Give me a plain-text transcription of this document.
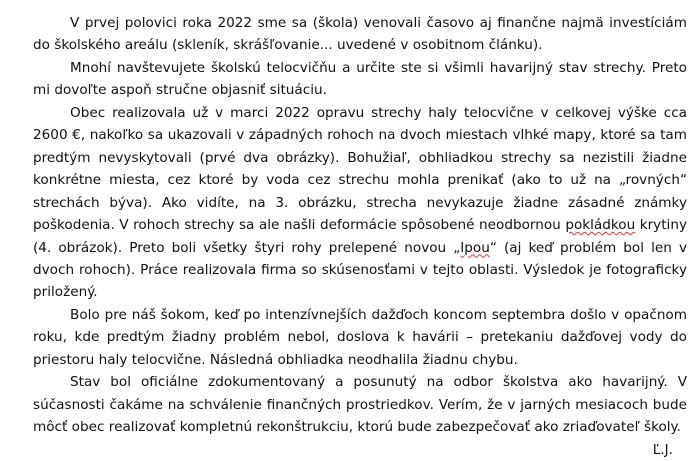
V prvej polovici roka 2022 sme sa (škola) venovali časovo aj finančne najmä investíciám do školského areálu (skleník, skrášľovanie... uvedené v osobitnom článku).

Mnohí navštevujete školskú telocvičňu a určite ste si všimli havarijný stav strechy. Preto mi dovoľte aspoň stručne objasniť situáciu.

Obec realizovala už v marci 2022 opravu strechy haly telocvične v celkovej výške cca 2600 €, nakoľko sa ukazovali v západných rohoch na dvoch miestach vlhké mapy, ktoré sa tam predtým nevyskytovali (prvé dva obrázky). Bohužiaľ, obhliadkou strechy sa nezistili žiadne konkrétne miesta, cez ktoré by voda cez strechu mohla prenikať (ako to už na „rovných“ strechách býva). Ako vidíte, na 3. obrázku, strecha nevykazuje žiadne zásadné známky poškodenia. V rohoch strechy sa ale našli deformácie spôsobené neodbornou pokládkou krytiny (4. obrázok). Preto boli všetky štyri rohy prelepené novou „Ipou“ (aj keď problém bol len v dvoch rohoch). Práce realizovala firma so skúsenosťami v tejto oblasti. Výsledok je fotograficky priložený.

Bolo pre náš šokom, keď po intenzívnejších dažďoch koncom septembra došlo v opačnom roku, kde predtým žiadny problém nebol, doslova k havárii – pretekaniu dažďovej vody do priestoru haly telocvične. Následná obhliadka neodhalila žiadnu chybu.

Stav bol oficiálne zdokumentovaný a posunutý na odbor školstva ako havarijný. V súčasnosti čakáme na schválenie finančných prostriedkov. Verím, že v jarných mesiacoch bude môcť obec realizovať kompletnú rekonštrukciu, ktorú bude zabezpečovať ako zriaďovateľ školy.

Ľ.J.
